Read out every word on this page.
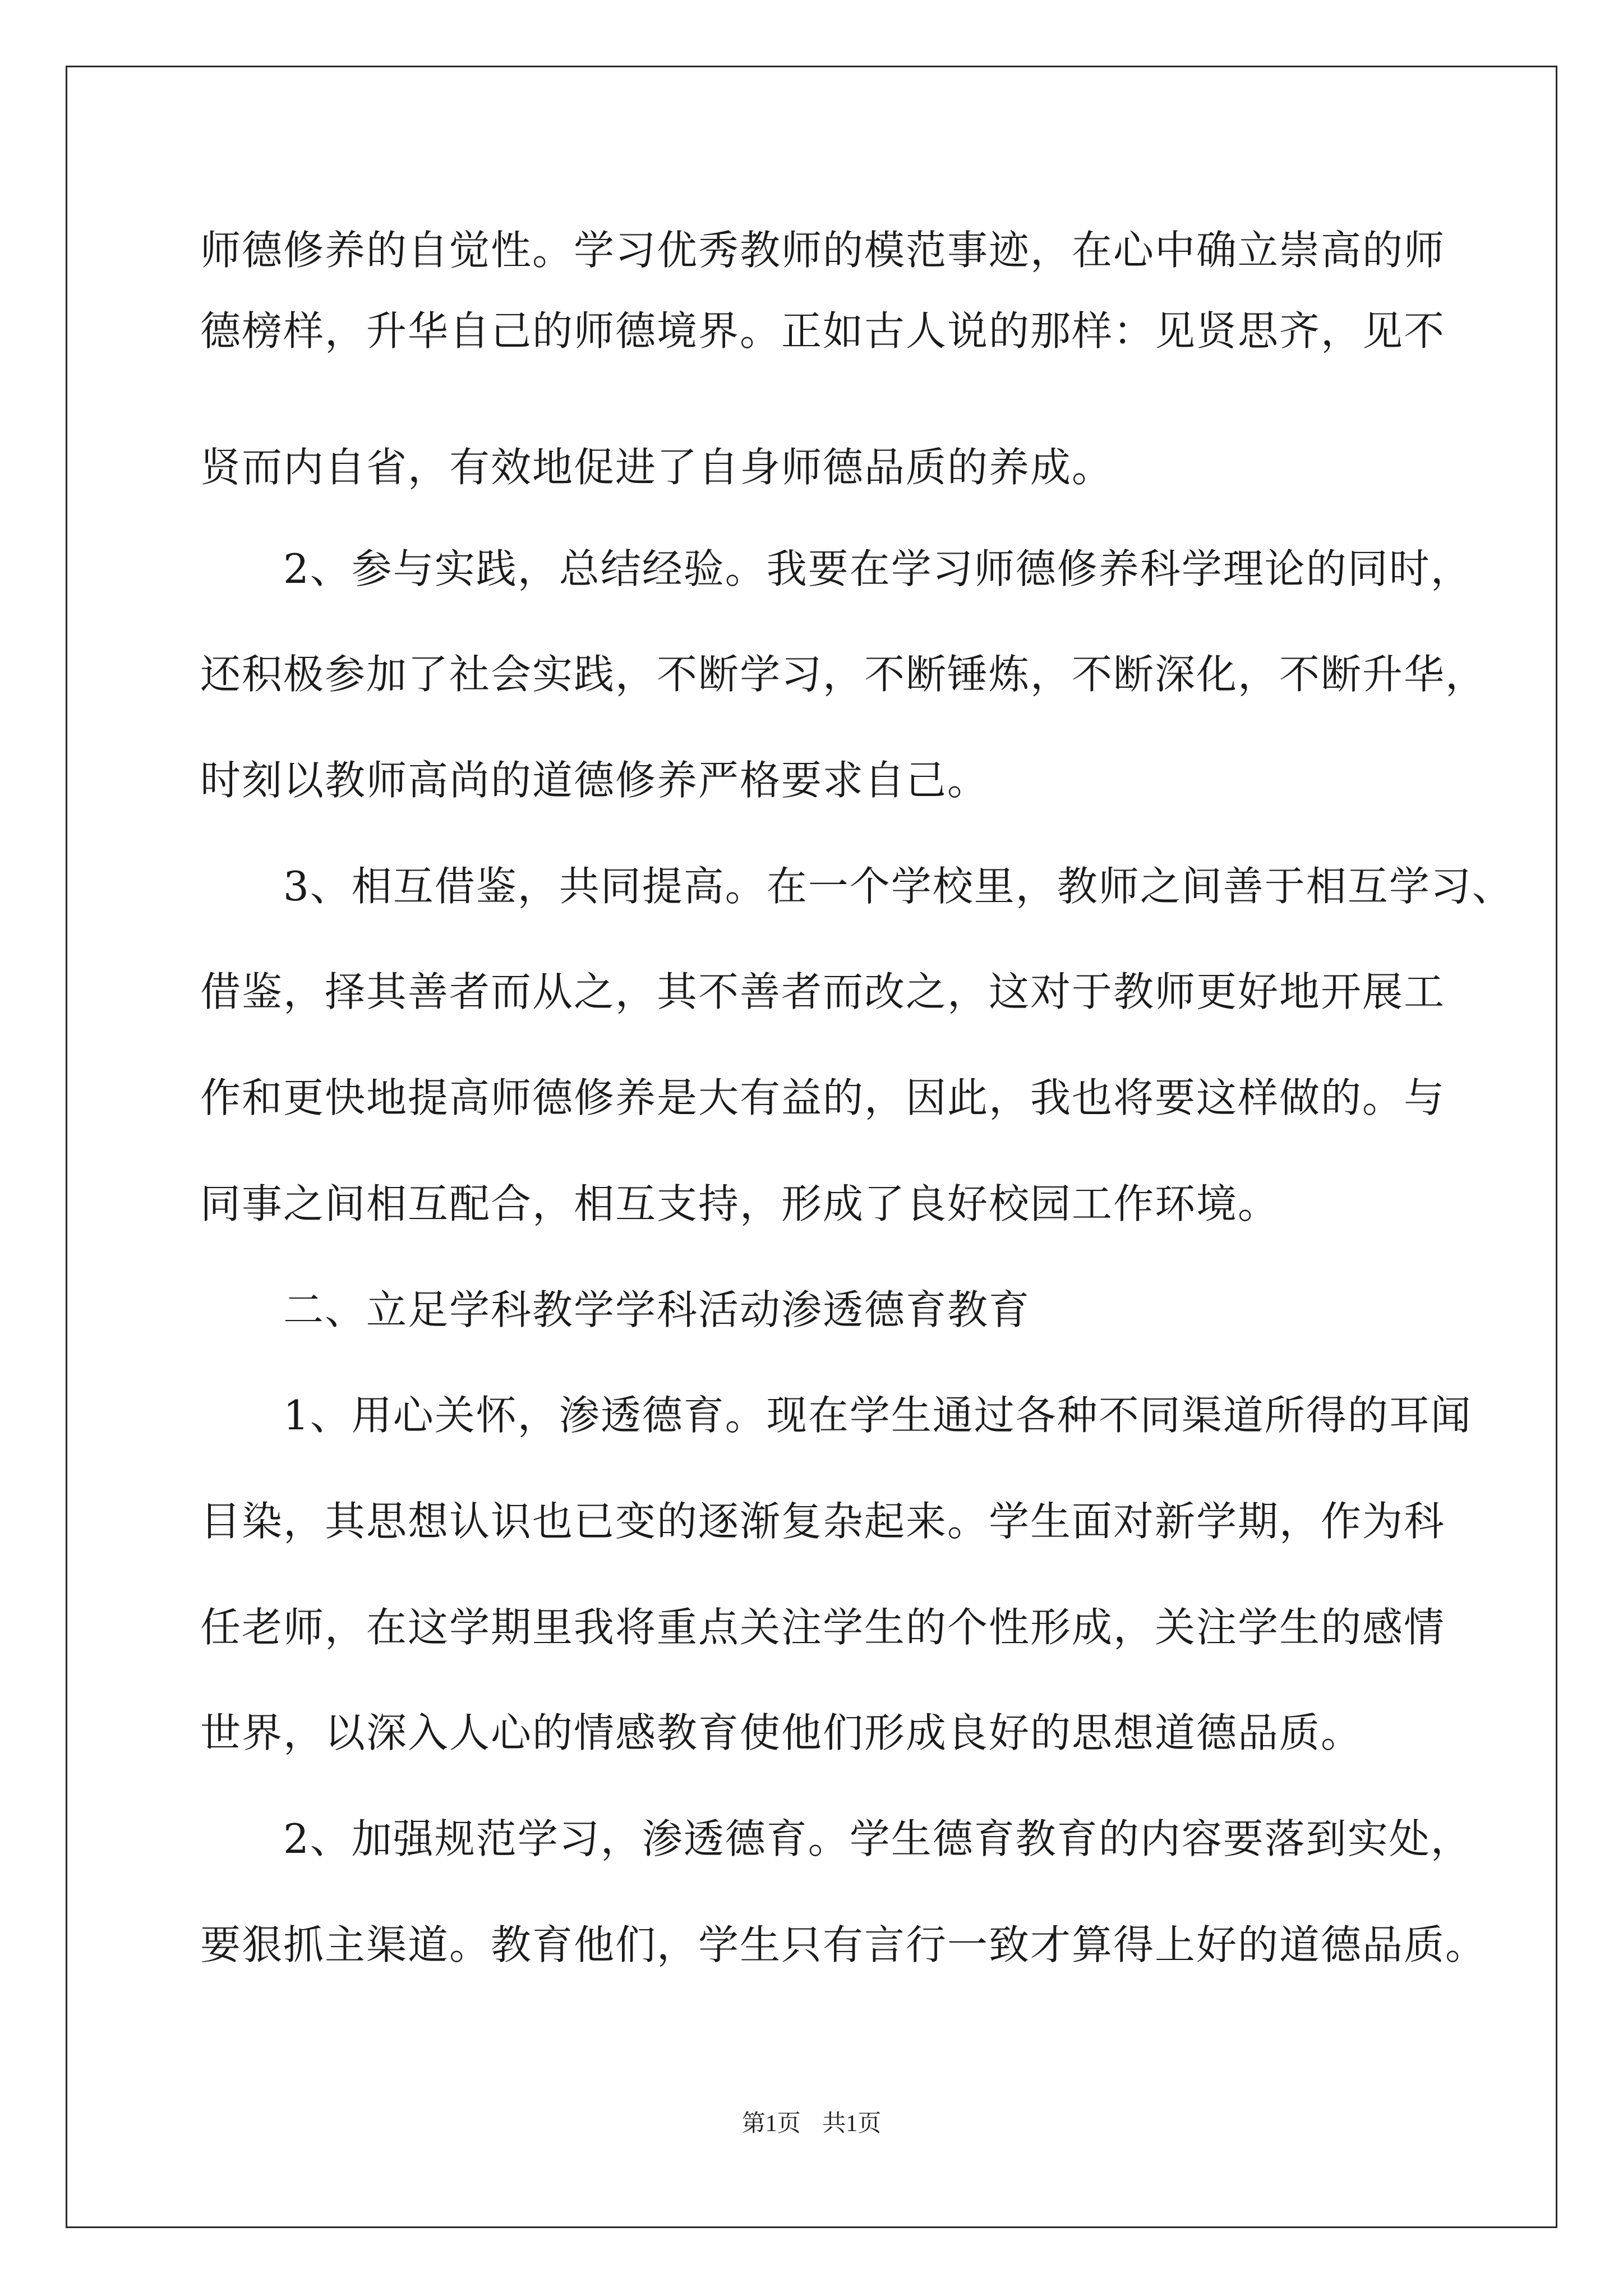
师德修养的自觉性。学习优秀教师的模范事迹，在心中确立崇高的师
德榜样，升华自己的师德境界。正如古人说的那样：见贤思齐，见不
贤而内自省，有效地促进了自身师德品质的养成。
　　2、参与实践，总结经验。我要在学习师德修养科学理论的同时，
还积极参加了社会实践，不断学习，不断锤炼，不断深化，不断升华，
时刻以教师高尚的道德修养严格要求自己。
　　3、相互借鉴，共同提高。在一个学校里，教师之间善于相互学习、
借鉴，择其善者而从之，其不善者而改之，这对于教师更好地开展工
作和更快地提高师德修养是大有益的，因此，我也将要这样做的。与
同事之间相互配合，相互支持，形成了良好校园工作环境。
　　二、立足学科教学学科活动渗透德育教育
　　1、用心关怀，渗透德育。现在学生通过各种不同渠道所得的耳闻
目染，其思想认识也已变的逐渐复杂起来。学生面对新学期，作为科
任老师，在这学期里我将重点关注学生的个性形成，关注学生的感情
世界，以深入人心的情感教育使他们形成良好的思想道德品质。
　　2、加强规范学习，渗透德育。学生德育教育的内容要落到实处，
要狠抓主渠道。教育他们，学生只有言行一致才算得上好的道德品质。
第1页 共1页
